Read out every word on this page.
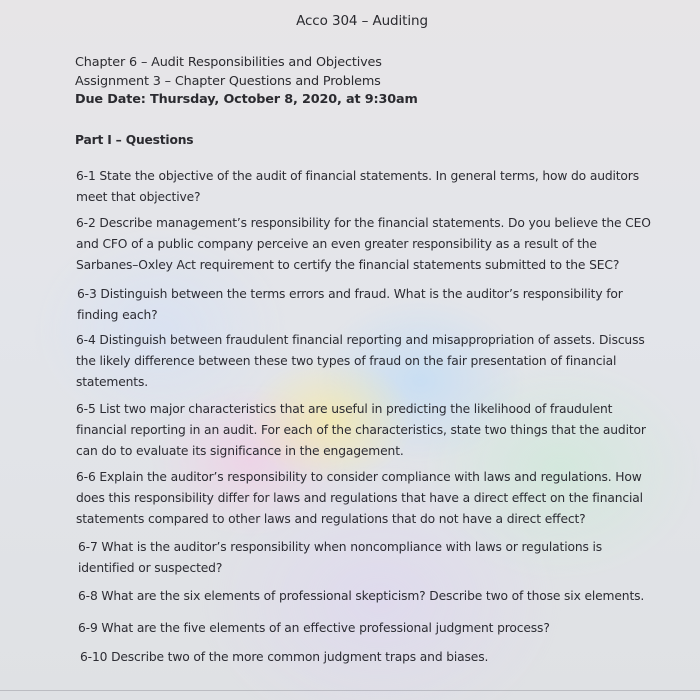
Acco 304 – Auditing
Chapter 6 – Audit Responsibilities and Objectives
Assignment 3 – Chapter Questions and Problems
Due Date: Thursday, October 8, 2020, at 9:30am
Part I – Questions
6-1 State the objective of the audit of financial statements. In general terms, how do auditors meet that objective?
6-2 Describe management’s responsibility for the financial statements. Do you believe the CEO and CFO of a public company perceive an even greater responsibility as a result of the Sarbanes–Oxley Act requirement to certify the financial statements submitted to the SEC?
6-3 Distinguish between the terms errors and fraud. What is the auditor’s responsibility for finding each?
6-4 Distinguish between fraudulent financial reporting and misappropriation of assets. Discuss the likely difference between these two types of fraud on the fair presentation of financial statements.
6-5 List two major characteristics that are useful in predicting the likelihood of fraudulent financial reporting in an audit. For each of the characteristics, state two things that the auditor can do to evaluate its significance in the engagement.
6-6 Explain the auditor’s responsibility to consider compliance with laws and regulations. How does this responsibility differ for laws and regulations that have a direct effect on the financial statements compared to other laws and regulations that do not have a direct effect?
6-7 What is the auditor’s responsibility when noncompliance with laws or regulations is identified or suspected?
6-8 What are the six elements of professional skepticism? Describe two of those six elements.
6-9 What are the five elements of an effective professional judgment process?
6-10 Describe two of the more common judgment traps and biases.
